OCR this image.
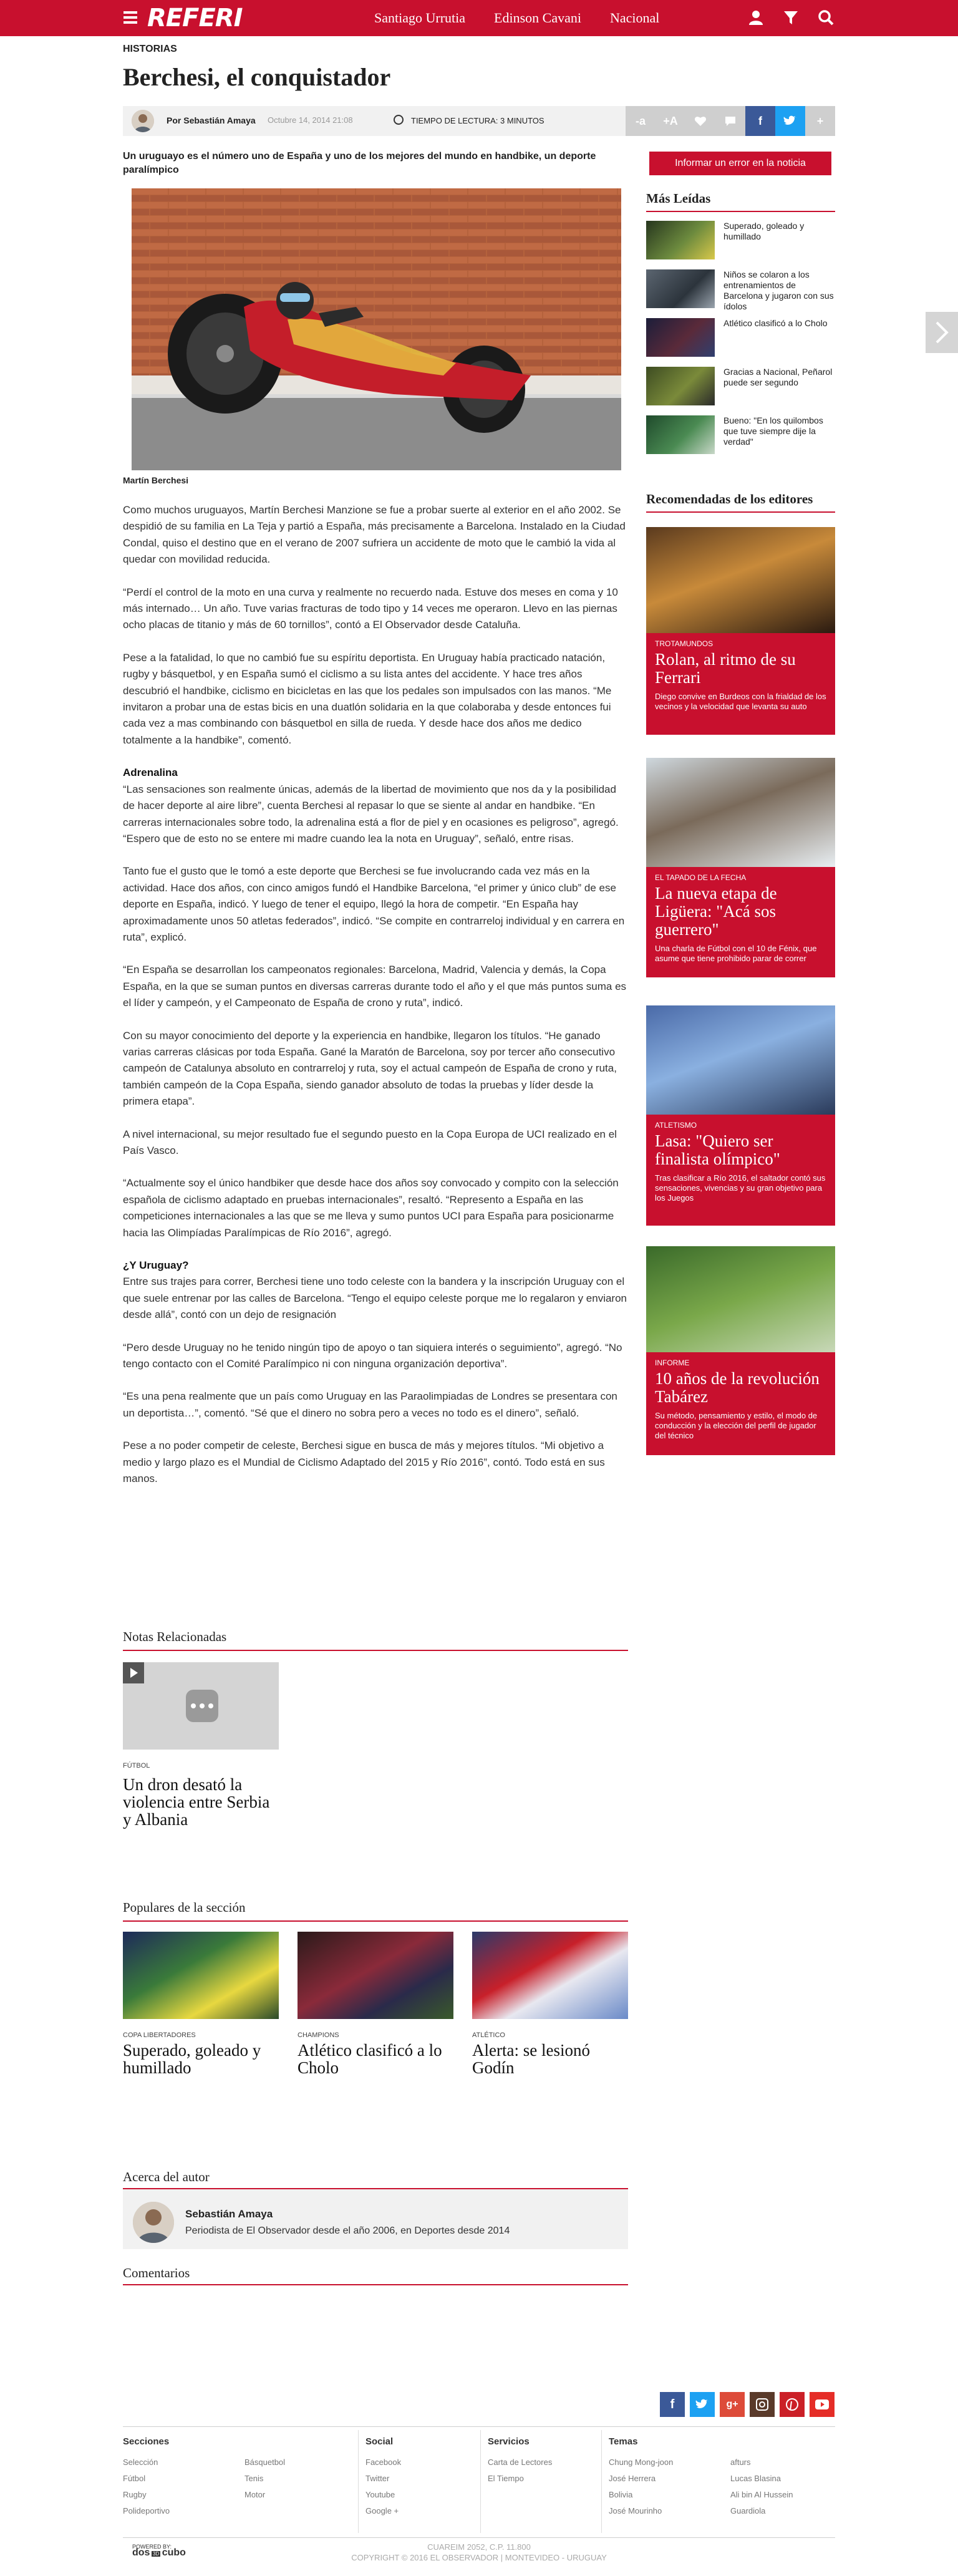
REFERI	Santiago Urrutia Edinson Cavani Nacional
HISTORIAS
Berchesi, el conquistador
Por Sebastián Amaya Octubre 14, 2014 21:08	TIEMPO DE LECTURA: 3 MINUTOS	-a	+A	f	+
Un uruguayo es el número uno de España y uno de los mejores del mundo en handbike, un deporte paralímpico
Martín Berchesi

Como muchos uruguayos, Martín Berchesi Manzione se fue a probar suerte al exterior en el año 2002. Se despidió de su familia en La Teja y partió a España, más precisamente a Barcelona. Instalado en la Ciudad Condal, quiso el destino que en el verano de 2007 sufriera un accidente de moto que le cambió la vida al quedar con movilidad reducida.

“Perdí el control de la moto en una curva y realmente no recuerdo nada. Estuve dos meses en coma y 10 más internado… Un año. Tuve varias fracturas de todo tipo y 14 veces me operaron. Llevo en las piernas ocho placas de titanio y más de 60 tornillos”, contó a El Observador desde Cataluña.

Pese a la fatalidad, lo que no cambió fue su espíritu deportista. En Uruguay había practicado natación, rugby y básquetbol, y en España sumó el ciclismo a su lista antes del accidente. Y hace tres años descubrió el handbike, ciclismo en bicicletas en las que los pedales son impulsados con las manos. “Me invitaron a probar una de estas bicis en una duatlón solidaria en la que colaboraba y desde entonces fui cada vez a mas combinando con básquetbol en silla de rueda. Y desde hace dos años me dedico totalmente a la handbike”, comentó.

Adrenalina

“Las sensaciones son realmente únicas, además de la libertad de movimiento que nos da y la posibilidad de hacer deporte al aire libre”, cuenta Berchesi al repasar lo que se siente al andar en handbike. “En carreras internacionales sobre todo, la adrenalina está a flor de piel y en ocasiones es peligroso”, agregó. “Espero que de esto no se entere mi madre cuando lea la nota en Uruguay”, señaló, entre risas.

Tanto fue el gusto que le tomó a este deporte que Berchesi se fue involucrando cada vez más en la actividad. Hace dos años, con cinco amigos fundó el Handbike Barcelona, “el primer y único club” de ese deporte en España, indicó. Y luego de tener el equipo, llegó la hora de competir. “En España hay aproximadamente unos 50 atletas federados”, indicó. “Se compite en contrarreloj individual y en carrera en ruta”, explicó.

“En España se desarrollan los campeonatos regionales: Barcelona, Madrid, Valencia y demás, la Copa España, en la que se suman puntos en diversas carreras durante todo el año y el que más puntos suma es el líder y campeón, y el Campeonato de España de crono y ruta”, indicó.

Con su mayor conocimiento del deporte y la experiencia en handbike, llegaron los títulos. “He ganado varias carreras clásicas por toda España. Gané la Maratón de Barcelona, soy por tercer año consecutivo campeón de Catalunya absoluto en contrarreloj y ruta, soy el actual campeón de España de crono y ruta, también campeón de la Copa España, siendo ganador absoluto de todas la pruebas y líder desde la primera etapa”.

A nivel internacional, su mejor resultado fue el segundo puesto en la Copa Europa de UCI realizado en el País Vasco.

“Actualmente soy el único handbiker que desde hace dos años soy convocado y compito con la selección española de ciclismo adaptado en pruebas internacionales”, resaltó. “Represento a España en las competiciones internacionales a las que se me lleva y sumo puntos UCI para España para posicionarme hacia las Olimpíadas Paralímpicas de Río 2016”, agregó.

¿Y Uruguay?

Entre sus trajes para correr, Berchesi tiene uno todo celeste con la bandera y la inscripción Uruguay con el que suele entrenar por las calles de Barcelona. “Tengo el equipo celeste porque me lo regalaron y enviaron desde allá”, contó con un dejo de resignación

“Pero desde Uruguay no he tenido ningún tipo de apoyo o tan siquiera interés o seguimiento”, agregó. “No tengo contacto con el Comité Paralímpico ni con ninguna organización deportiva”.

“Es una pena realmente que un país como Uruguay en las Paraolimpiadas de Londres se presentara con un deportista…”, comentó. “Sé que el dinero no sobra pero a veces no todo es el dinero”, señaló.

Pese a no poder competir de celeste, Berchesi sigue en busca de más y mejores títulos. “Mi objetivo a medio y largo plazo es el Mundial de Ciclismo Adaptado del 2015 y Río 2016”, contó. Todo está en sus manos.

Informar un error en la noticia
Más Leídas
Superado, goleado y humillado
Niños se colaron a los entrenamientos de Barcelona y jugaron con sus ídolos
Atlético clasificó a lo Cholo
Gracias a Nacional, Peñarol puede ser segundo
Bueno: "En los quilombos que tuve siempre dije la verdad"
Recomendadas de los editores
TROTAMUNDOS
Rolan, al ritmo de su Ferrari
Diego convive en Burdeos con la frialdad de los vecinos y la velocidad que levanta su auto
EL TAPADO DE LA FECHA
La nueva etapa de Ligüera: "Acá sos guerrero"
Una charla de Fútbol con el 10 de Fénix, que asume que tiene prohibido parar de correr
ATLETISMO
Lasa: "Quiero ser finalista olímpico"
Tras clasificar a Río 2016, el saltador contó sus sensaciones, vivencias y su gran objetivo para los Juegos
INFORME
10 años de la revolución Tabárez
Su método, pensamiento y estilo, el modo de conducción y la elección del perfil de jugador del técnico
Notas Relacionadas
FÚTBOL
Un dron desató la violencia entre Serbia y Albania
Populares de la sección
COPA LIBERTADORES
Superado, goleado y humillado
CHAMPIONS
Atlético clasificó a lo Cholo
ATLÉTICO
Alerta: se lesionó Godín
Acerca del autor
Sebastián Amaya
Periodista de El Observador desde el año 2006, en Deportes desde 2014
Comentarios
f	g+
Secciones
Selección
Fútbol
Rugby
Polideportivo
Básquetbol
Tenis
Motor
Social
Facebook
Twitter
Youtube
Google +
Servicios
Carta de Lectores
El Tiempo
Temas
Chung Mong-joon
José Herrera
Bolivia
José Mourinho
afturs
Lucas Blasina
Ali bin Al Hussein
Guardiola
POWERED BY:
dos 3D cubo
CUAREIM 2052, C.P. 11.800
COPYRIGHT © 2016 EL OBSERVADOR | MONTEVIDEO - URUGUAY
